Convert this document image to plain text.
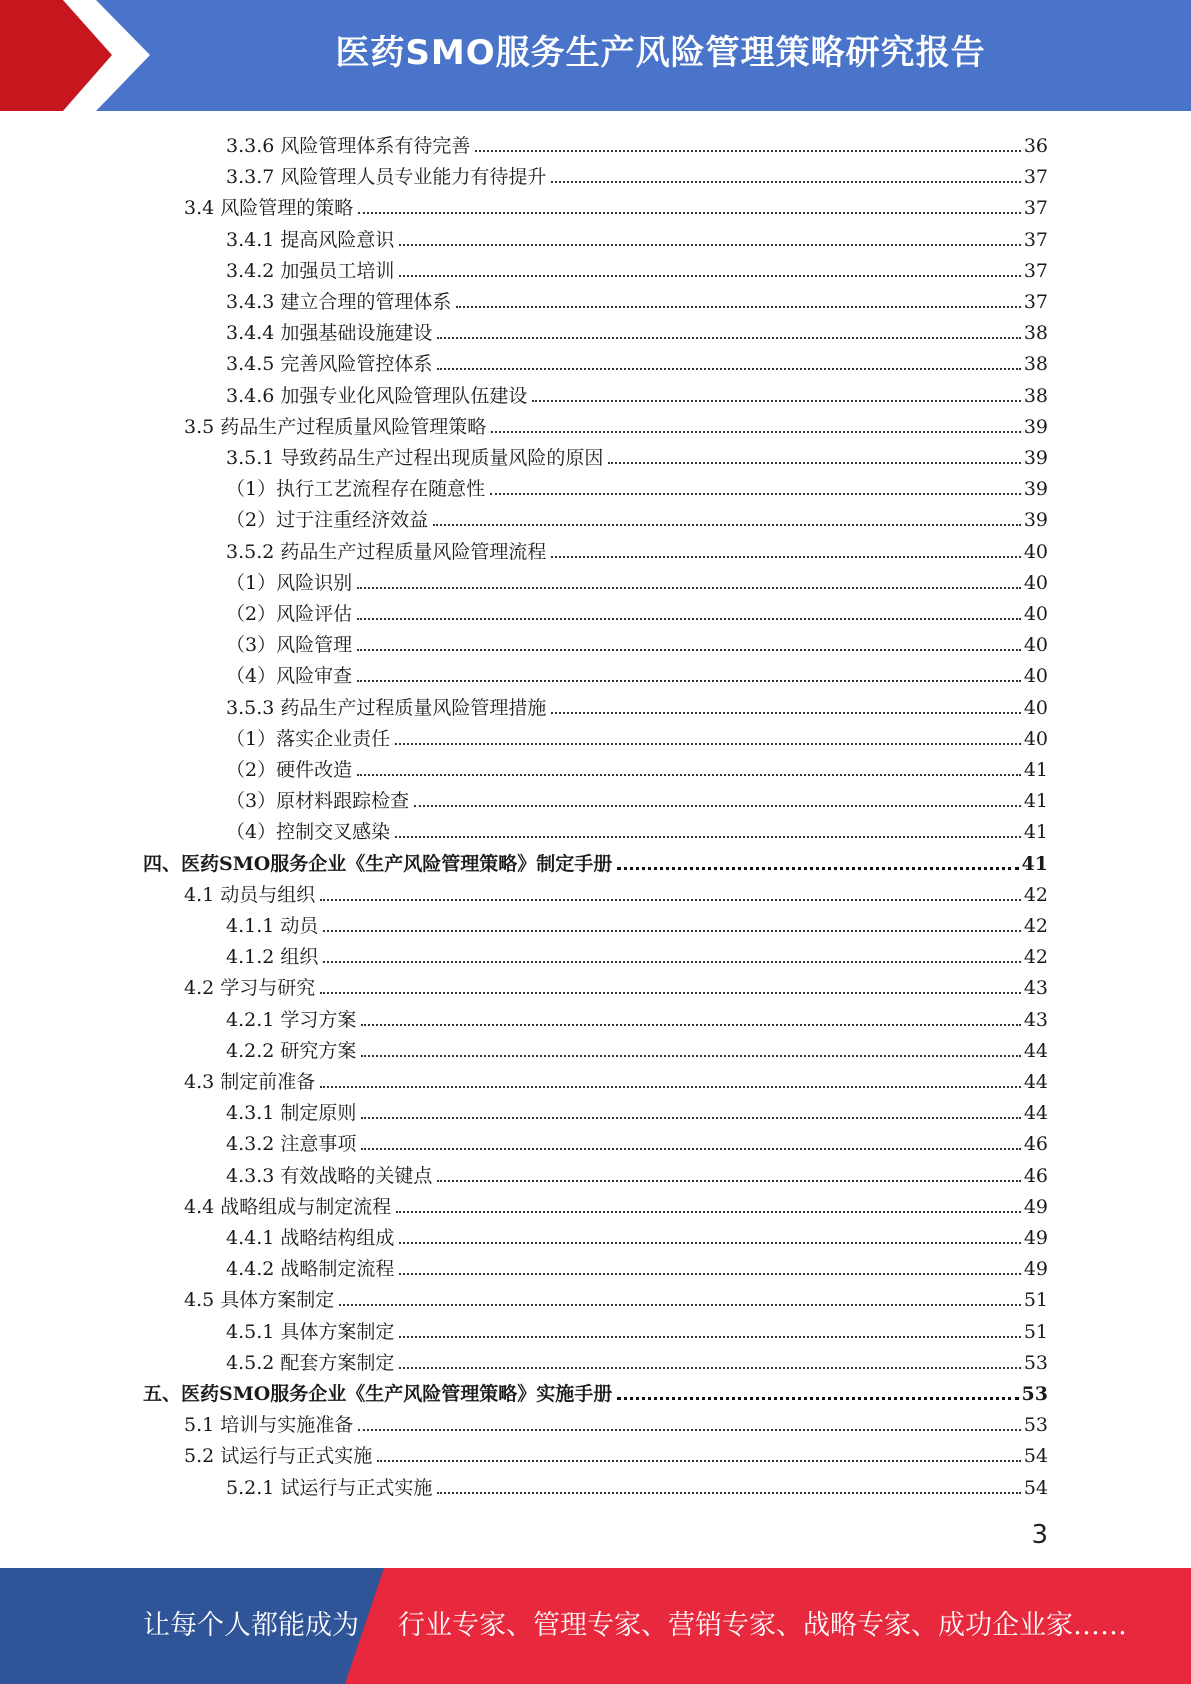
医药SMO服务生产风险管理策略研究报告
3.3.6 风险管理体系有待完善	36
3.3.7 风险管理人员专业能力有待提升	37
3.4 风险管理的策略	37
3.4.1 提高风险意识	37
3.4.2 加强员工培训	37
3.4.3 建立合理的管理体系	37
3.4.4 加强基础设施建设	38
3.4.5 完善风险管控体系	38
3.4.6 加强专业化风险管理队伍建设	38
3.5 药品生产过程质量风险管理策略	39
3.5.1 导致药品生产过程出现质量风险的原因	39
（1）执行工艺流程存在随意性	39
（2）过于注重经济效益	39
3.5.2 药品生产过程质量风险管理流程	40
（1）风险识别	40
（2）风险评估	40
（3）风险管理	40
（4）风险审查	40
3.5.3 药品生产过程质量风险管理措施	40
（1）落实企业责任	40
（2）硬件改造	41
（3）原材料跟踪检查	41
（4）控制交叉感染	41
四、医药SMO服务企业《生产风险管理策略》制定手册	41
4.1 动员与组织	42
4.1.1 动员	42
4.1.2 组织	42
4.2 学习与研究	43
4.2.1 学习方案	43
4.2.2 研究方案	44
4.3 制定前准备	44
4.3.1 制定原则	44
4.3.2 注意事项	46
4.3.3 有效战略的关键点	46
4.4 战略组成与制定流程	49
4.4.1 战略结构组成	49
4.4.2 战略制定流程	49
4.5 具体方案制定	51
4.5.1 具体方案制定	51
4.5.2 配套方案制定	53
五、医药SMO服务企业《生产风险管理策略》实施手册	53
5.1 培训与实施准备	53
5.2 试运行与正式实施	54
5.2.1 试运行与正式实施	54
3
让每个人都能成为 行业专家、管理专家、营销专家、战略专家、成功企业家……
